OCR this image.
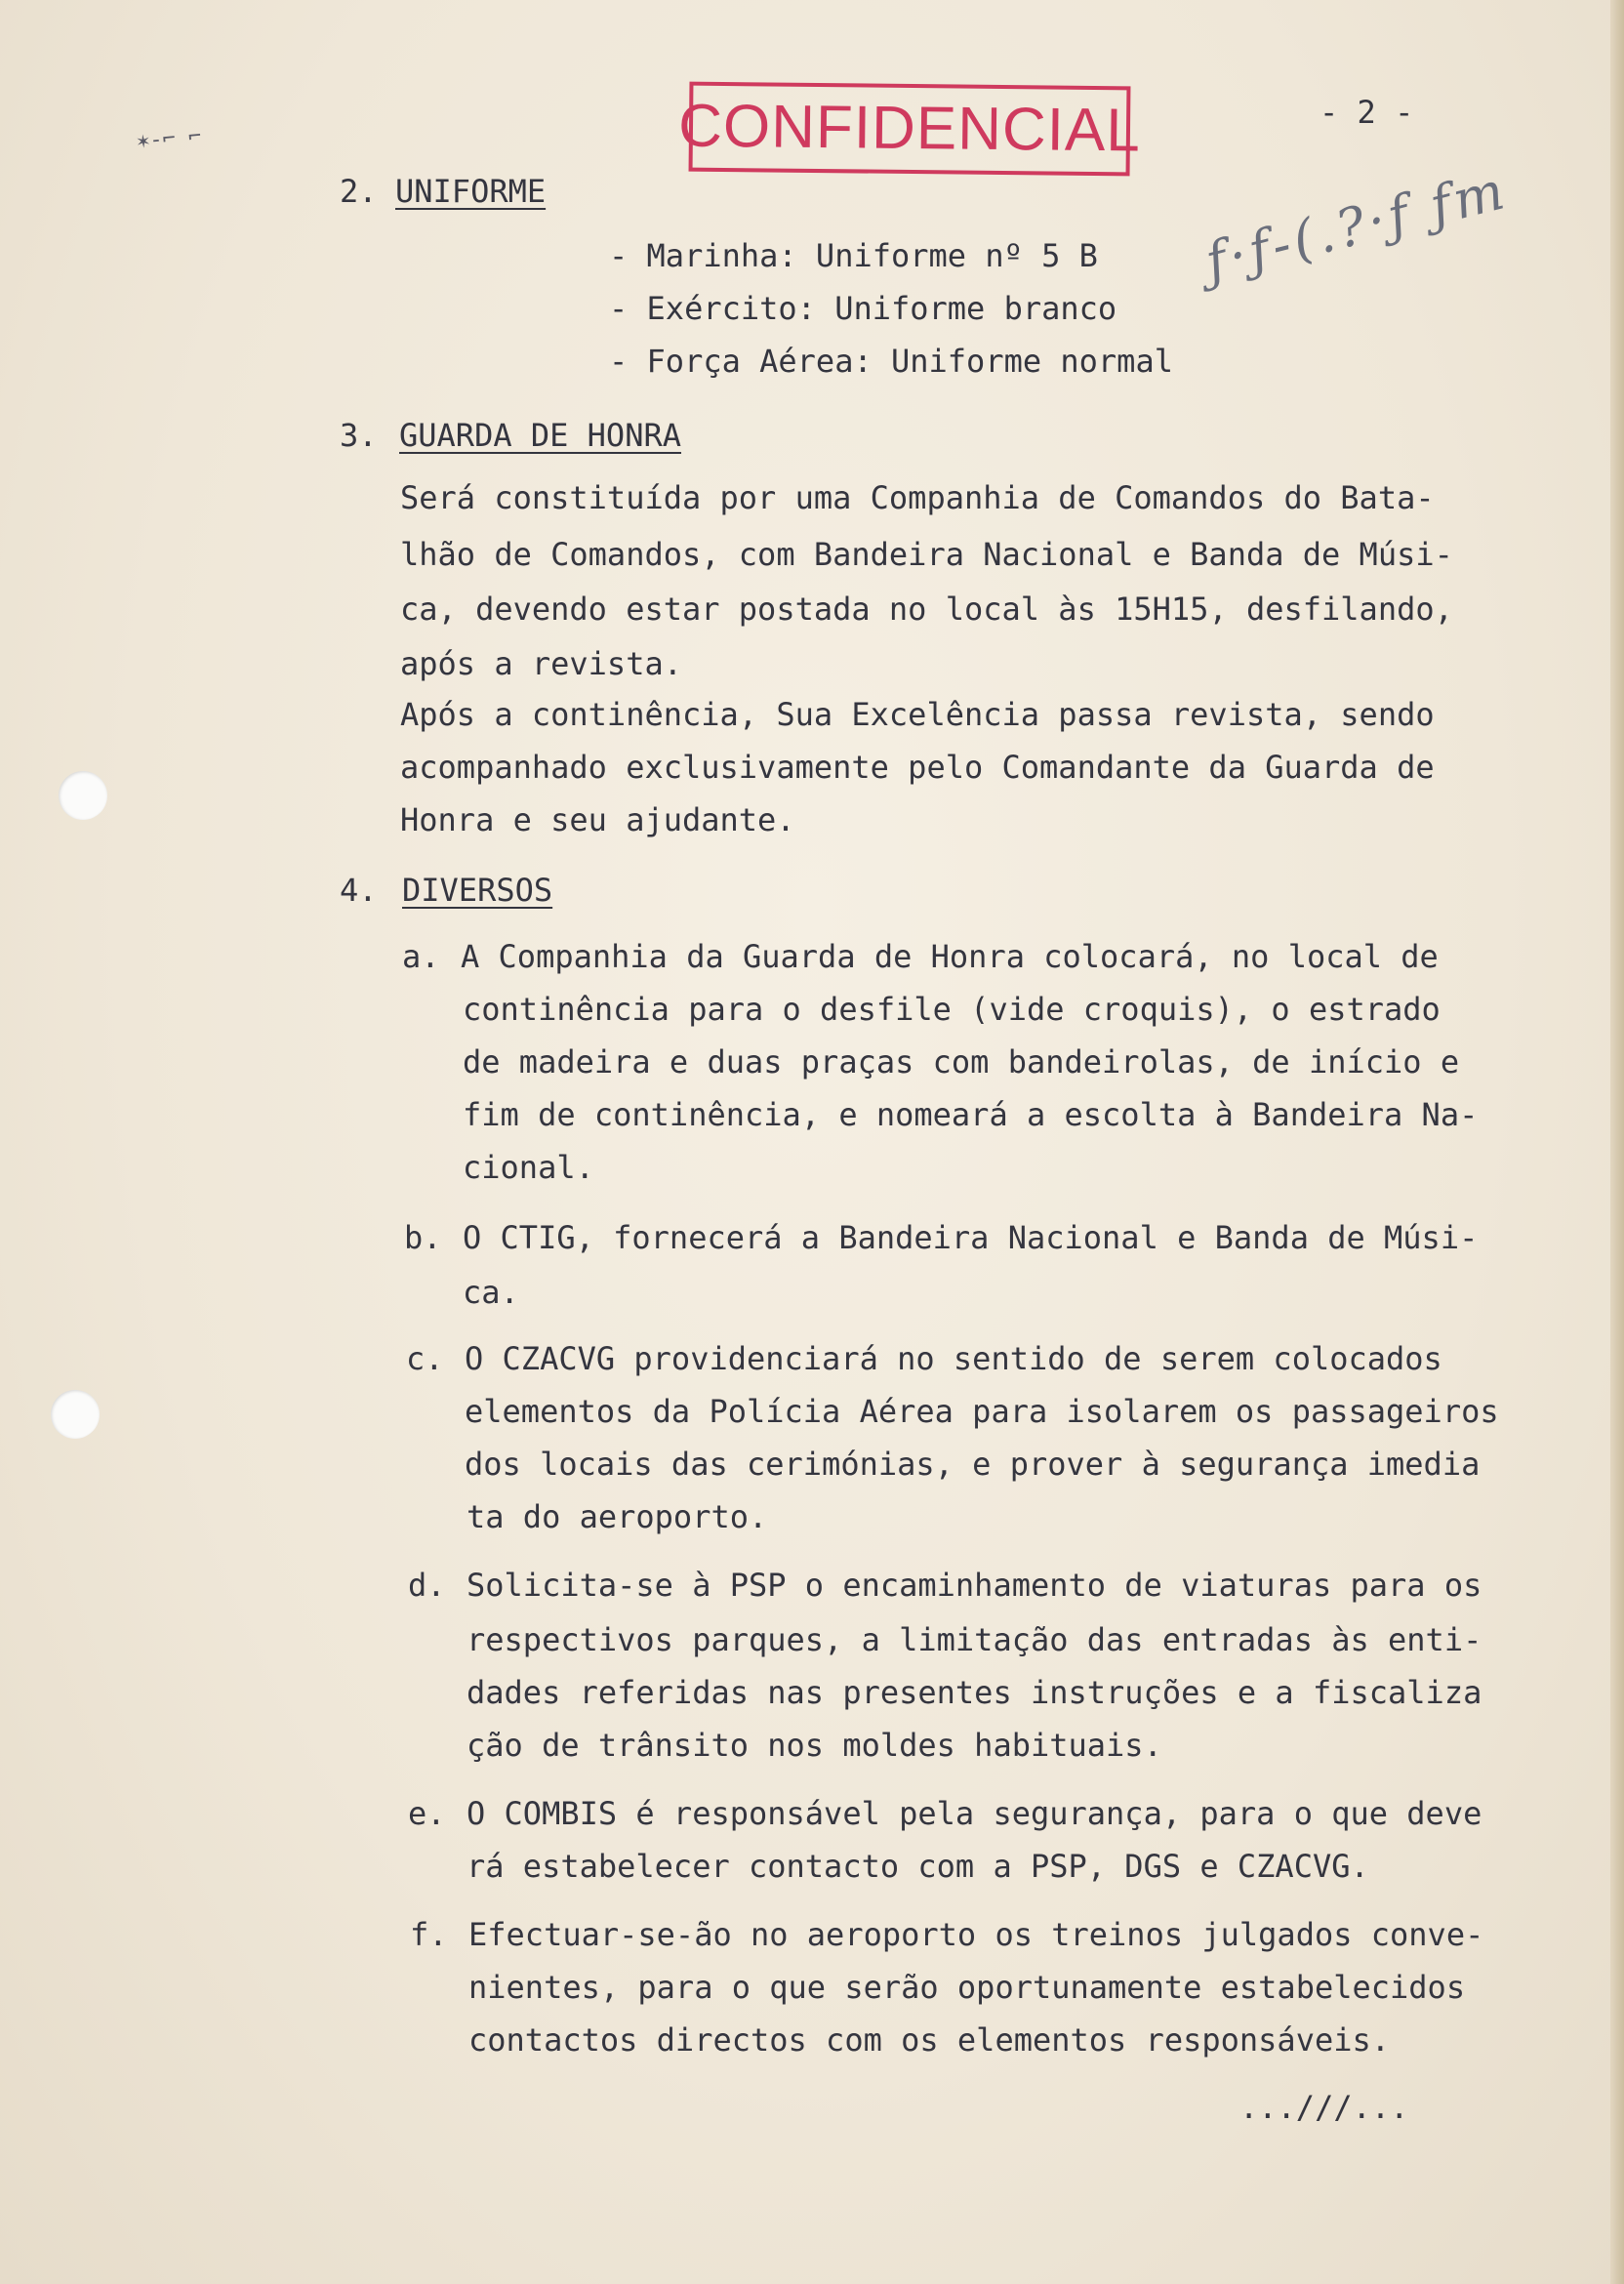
✶-⌐ ⌐	CONFIDENCIAL	- 2 -
ƒ·ƒ-(.?·ƒ ƒm
2. UNIFORME
- Marinha: Uniforme nº 5 B
- Exército: Uniforme branco
- Força Aérea: Uniforme normal
3. GUARDA DE HONRA
Será constituída por uma Companhia de Comandos do Bata-
lhão de Comandos, com Bandeira Nacional e Banda de Músi-
ca, devendo estar postada no local às 15H15, desfilando,
após a revista.
Após a continência, Sua Excelência passa revista, sendo
acompanhado exclusivamente pelo Comandante da Guarda de
Honra e seu ajudante.
4. DIVERSOS
a. A Companhia da Guarda de Honra colocará, no local de
continência para o desfile (vide croquis), o estrado
de madeira e duas praças com bandeirolas, de início e
fim de continência, e nomeará a escolta à Bandeira Na-
cional.
b. O CTIG, fornecerá a Bandeira Nacional e Banda de Músi-
ca.
c. O CZACVG providenciará no sentido de serem colocados
elementos da Polícia Aérea para isolarem os passageiros
dos locais das cerimónias, e prover à segurança imedia
ta do aeroporto.
d. Solicita-se à PSP o encaminhamento de viaturas para os
respectivos parques, a limitação das entradas às enti-
dades referidas nas presentes instruções e a fiscaliza
ção de trânsito nos moldes habituais.
e. O COMBIS é responsável pela segurança, para o que deve
rá estabelecer contacto com a PSP, DGS e CZACVG.
f. Efectuar-se-ão no aeroporto os treinos julgados conve-
nientes, para o que serão oportunamente estabelecidos
contactos directos com os elementos responsáveis.
...///...
